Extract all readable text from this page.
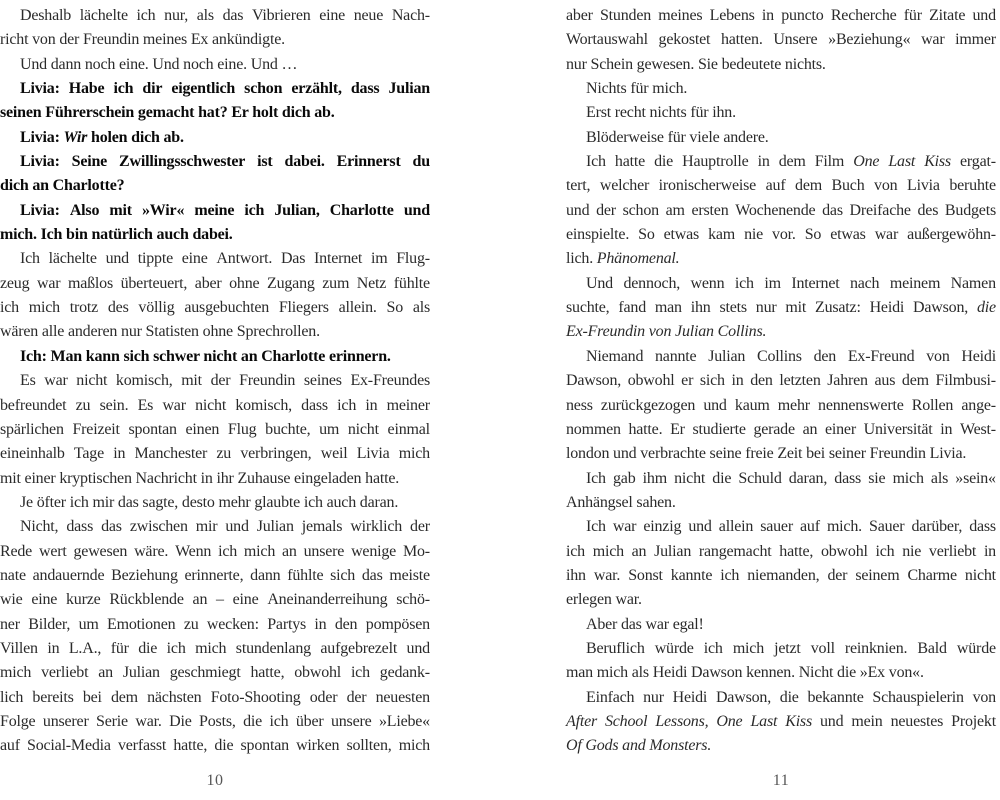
Deshalb lächelte ich nur, als das Vibrieren eine neue Nach-
richt von der Freundin meines Ex ankündigte.
Und dann noch eine. Und noch eine. Und …
Livia: Habe ich dir eigentlich schon erzählt, dass Julian
seinen Führerschein gemacht hat? Er holt dich ab.
Livia: Wir holen dich ab.
Livia: Seine Zwillingsschwester ist dabei. Erinnerst du
dich an Charlotte?
Livia: Also mit »Wir« meine ich Julian, Charlotte und
mich. Ich bin natürlich auch dabei.
Ich lächelte und tippte eine Antwort. Das Internet im Flug-
zeug war maßlos überteuert, aber ohne Zugang zum Netz fühlte
ich mich trotz des völlig ausgebuchten Fliegers allein. So als
wären alle anderen nur Statisten ohne Sprechrollen.
Ich: Man kann sich schwer nicht an Charlotte erinnern.
Es war nicht komisch, mit der Freundin seines Ex-Freundes
befreundet zu sein. Es war nicht komisch, dass ich in meiner
spärlichen Freizeit spontan einen Flug buchte, um nicht einmal
eineinhalb Tage in Manchester zu verbringen, weil Livia mich
mit einer kryptischen Nachricht in ihr Zuhause eingeladen hatte.
Je öfter ich mir das sagte, desto mehr glaubte ich auch daran.
Nicht, dass das zwischen mir und Julian jemals wirklich der
Rede wert gewesen wäre. Wenn ich mich an unsere wenige Mo-
nate andauernde Beziehung erinnerte, dann fühlte sich das meiste
wie eine kurze Rückblende an – eine Aneinanderreihung schö-
ner Bilder, um Emotionen zu wecken: Partys in den pompösen
Villen in L.A., für die ich mich stundenlang aufgebrezelt und
mich verliebt an Julian geschmiegt hatte, obwohl ich gedank-
lich bereits bei dem nächsten Foto-Shooting oder der neuesten
Folge unserer Serie war. Die Posts, die ich über unsere »Liebe«
auf Social-Media verfasst hatte, die spontan wirken sollten, mich
10
aber Stunden meines Lebens in puncto Recherche für Zitate und
Wortauswahl gekostet hatten. Unsere »Beziehung« war immer
nur Schein gewesen. Sie bedeutete nichts.
Nichts für mich.
Erst recht nichts für ihn.
Blöderweise für viele andere.
Ich hatte die Hauptrolle in dem Film One Last Kiss ergat-
tert, welcher ironischerweise auf dem Buch von Livia beruhte
und der schon am ersten Wochenende das Dreifache des Budgets
einspielte. So etwas kam nie vor. So etwas war außergewöhn-
lich. Phänomenal.
Und dennoch, wenn ich im Internet nach meinem Namen
suchte, fand man ihn stets nur mit Zusatz: Heidi Dawson, die
Ex-Freundin von Julian Collins.
Niemand nannte Julian Collins den Ex-Freund von Heidi
Dawson, obwohl er sich in den letzten Jahren aus dem Filmbusi-
ness zurückgezogen und kaum mehr nennenswerte Rollen ange-
nommen hatte. Er studierte gerade an einer Universität in West-
london und verbrachte seine freie Zeit bei seiner Freundin Livia.
Ich gab ihm nicht die Schuld daran, dass sie mich als »sein«
Anhängsel sahen.
Ich war einzig und allein sauer auf mich. Sauer darüber, dass
ich mich an Julian rangemacht hatte, obwohl ich nie verliebt in
ihn war. Sonst kannte ich niemanden, der seinem Charme nicht
erlegen war.
Aber das war egal!
Beruflich würde ich mich jetzt voll reinknien. Bald würde
man mich als Heidi Dawson kennen. Nicht die »Ex von«.
Einfach nur Heidi Dawson, die bekannte Schauspielerin von
After School Lessons, One Last Kiss und mein neuestes Projekt
Of Gods and Monsters.
11
